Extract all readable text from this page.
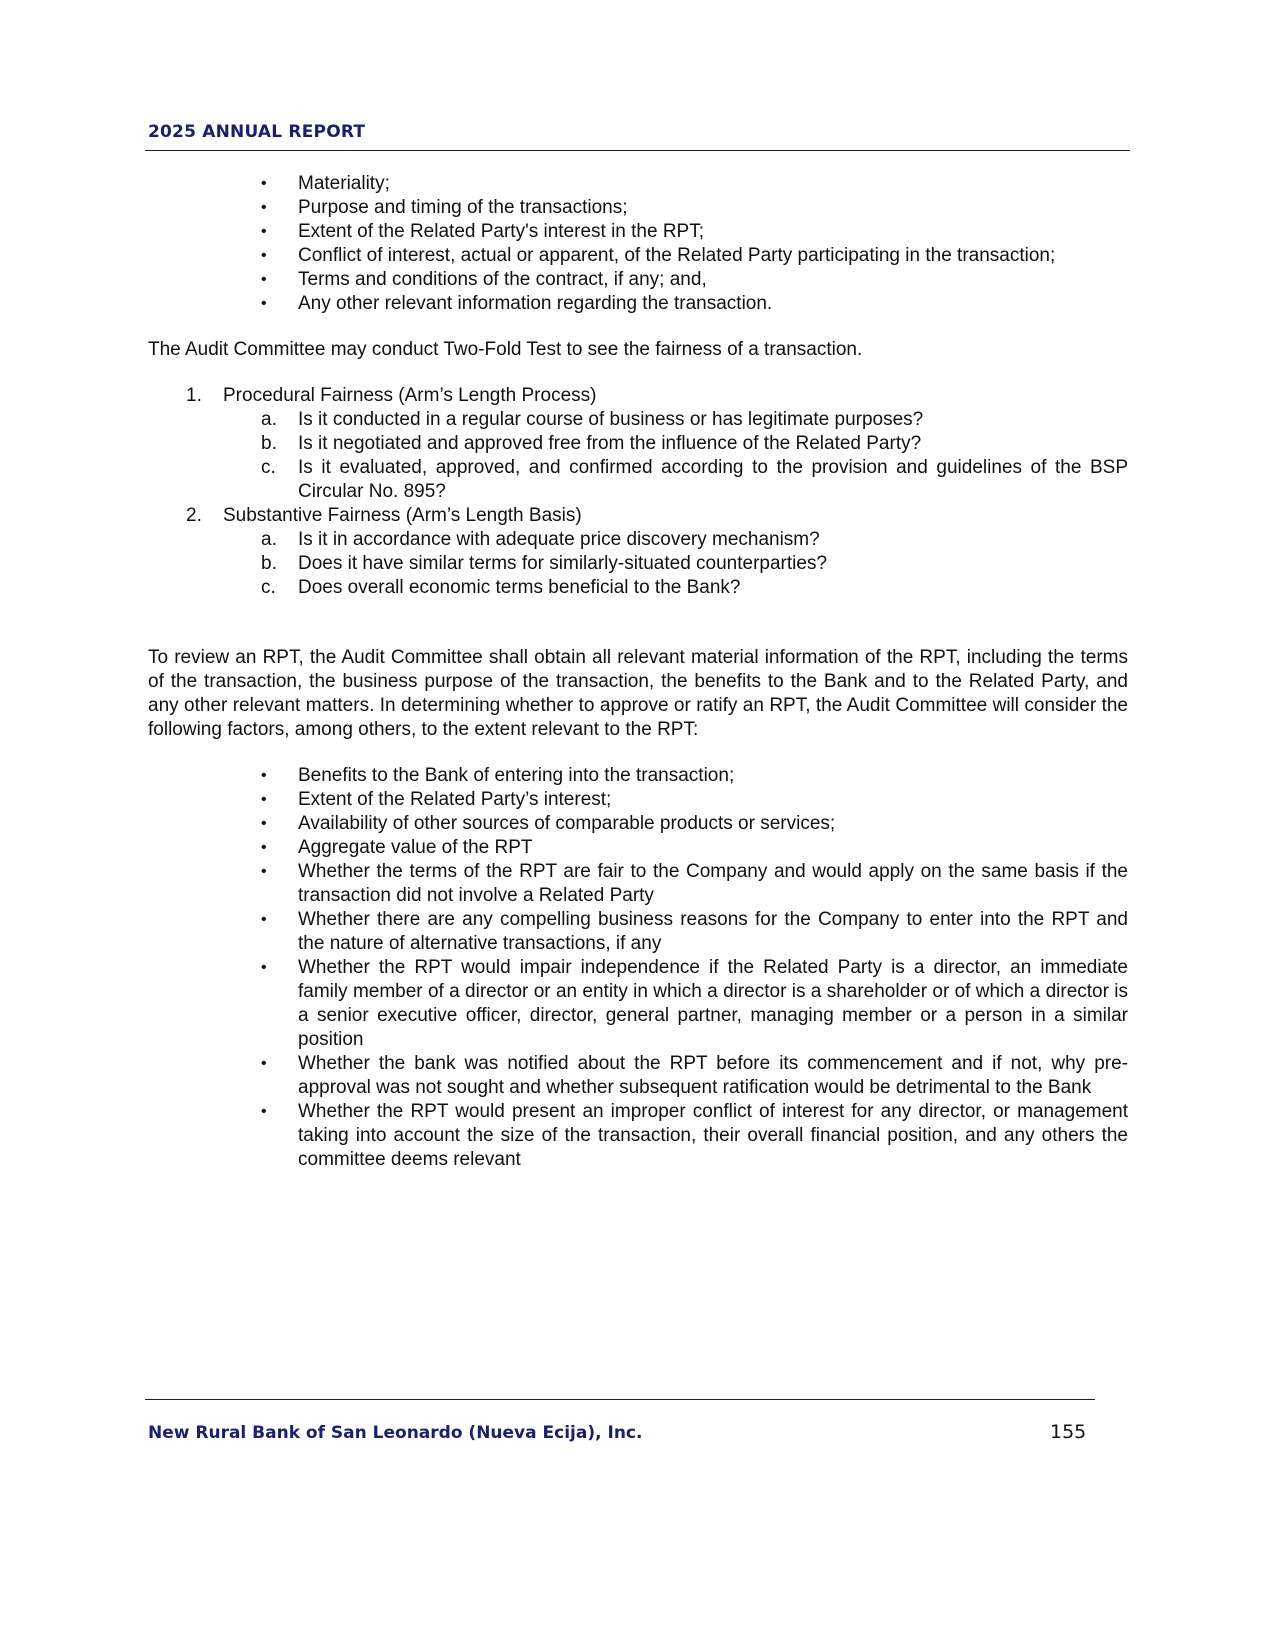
2025 ANNUAL REPORT
• Materiality;
• Purpose and timing of the transactions;
• Extent of the Related Party's interest in the RPT;
• Conflict of interest, actual or apparent, of the Related Party participating in the transaction;
• Terms and conditions of the contract, if any; and,
• Any other relevant information regarding the transaction.

The Audit Committee may conduct Two-Fold Test to see the fairness of a transaction.

1. Procedural Fairness (Arm’s Length Process)
a. Is it conducted in a regular course of business or has legitimate purposes?
b. Is it negotiated and approved free from the influence of the Related Party?
c. Is it evaluated, approved, and confirmed according to the provision and guidelines of the BSP Circular No. 895?
2. Substantive Fairness (Arm’s Length Basis)
a. Is it in accordance with adequate price discovery mechanism?
b. Does it have similar terms for similarly-situated counterparties?
c. Does overall economic terms beneficial to the Bank?

To review an RPT, the Audit Committee shall obtain all relevant material information of the RPT, including the terms of the transaction, the business purpose of the transaction, the benefits to the Bank and to the Related Party, and any other relevant matters. In determining whether to approve or ratify an RPT, the Audit Committee will consider the following factors, among others, to the extent relevant to the RPT:

• Benefits to the Bank of entering into the transaction;
• Extent of the Related Party’s interest;
• Availability of other sources of comparable products or services;
• Aggregate value of the RPT
• Whether the terms of the RPT are fair to the Company and would apply on the same basis if the transaction did not involve a Related Party
• Whether there are any compelling business reasons for the Company to enter into the RPT and the nature of alternative transactions, if any
• Whether the RPT would impair independence if the Related Party is a director, an immediate family member of a director or an entity in which a director is a shareholder or of which a director is a senior executive officer, director, general partner, managing member or a person in a similar position
• Whether the bank was notified about the RPT before its commencement and if not, why pre-approval was not sought and whether subsequent ratification would be detrimental to the Bank
• Whether the RPT would present an improper conflict of interest for any director, or management taking into account the size of the transaction, their overall financial position, and any others the committee deems relevant
New Rural Bank of San Leonardo (Nueva Ecija), Inc.	155
